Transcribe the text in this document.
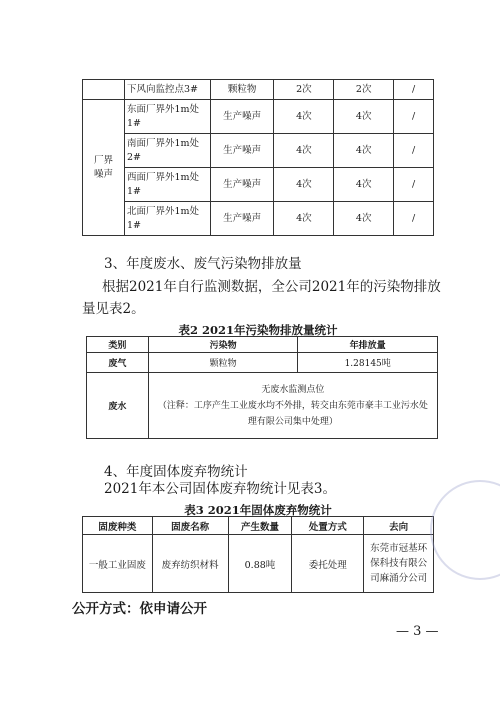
	下风向监控点3#	颗粒物	2次	2次	/
厂界噪声	东面厂界外1m处1#	生产噪声	4次	4次	/
	南面厂界外1m处2#	生产噪声	4次	4次	/
	西面厂界外1m处1#	生产噪声	4次	4次	/
	北面厂界外1m处1#	生产噪声	4次	4次	/
3、年度废水、废气污染物排放量
根据2021年自行监测数据，全公司2021年的污染物排放量见表2。
表2 2021年污染物排放量统计
类别	污染物	年排放量
废气	颗粒物	1.28145吨
废水	无废水监测点位
（注释：工序产生工业废水均不外排，转交由东莞市豪丰工业污水处理有限公司集中处理）	
4、年度固体废弃物统计
2021年本公司固体废弃物统计见表3。
表3 2021年固体废弃物统计
固废种类	固废名称	产生数量	处置方式	去向
一般工业固废	废弃纺织材料	0.88吨	委托处理	东莞市冠基环保科技有限公司麻涌分公司
公开方式：依申请公开
— 3 —
